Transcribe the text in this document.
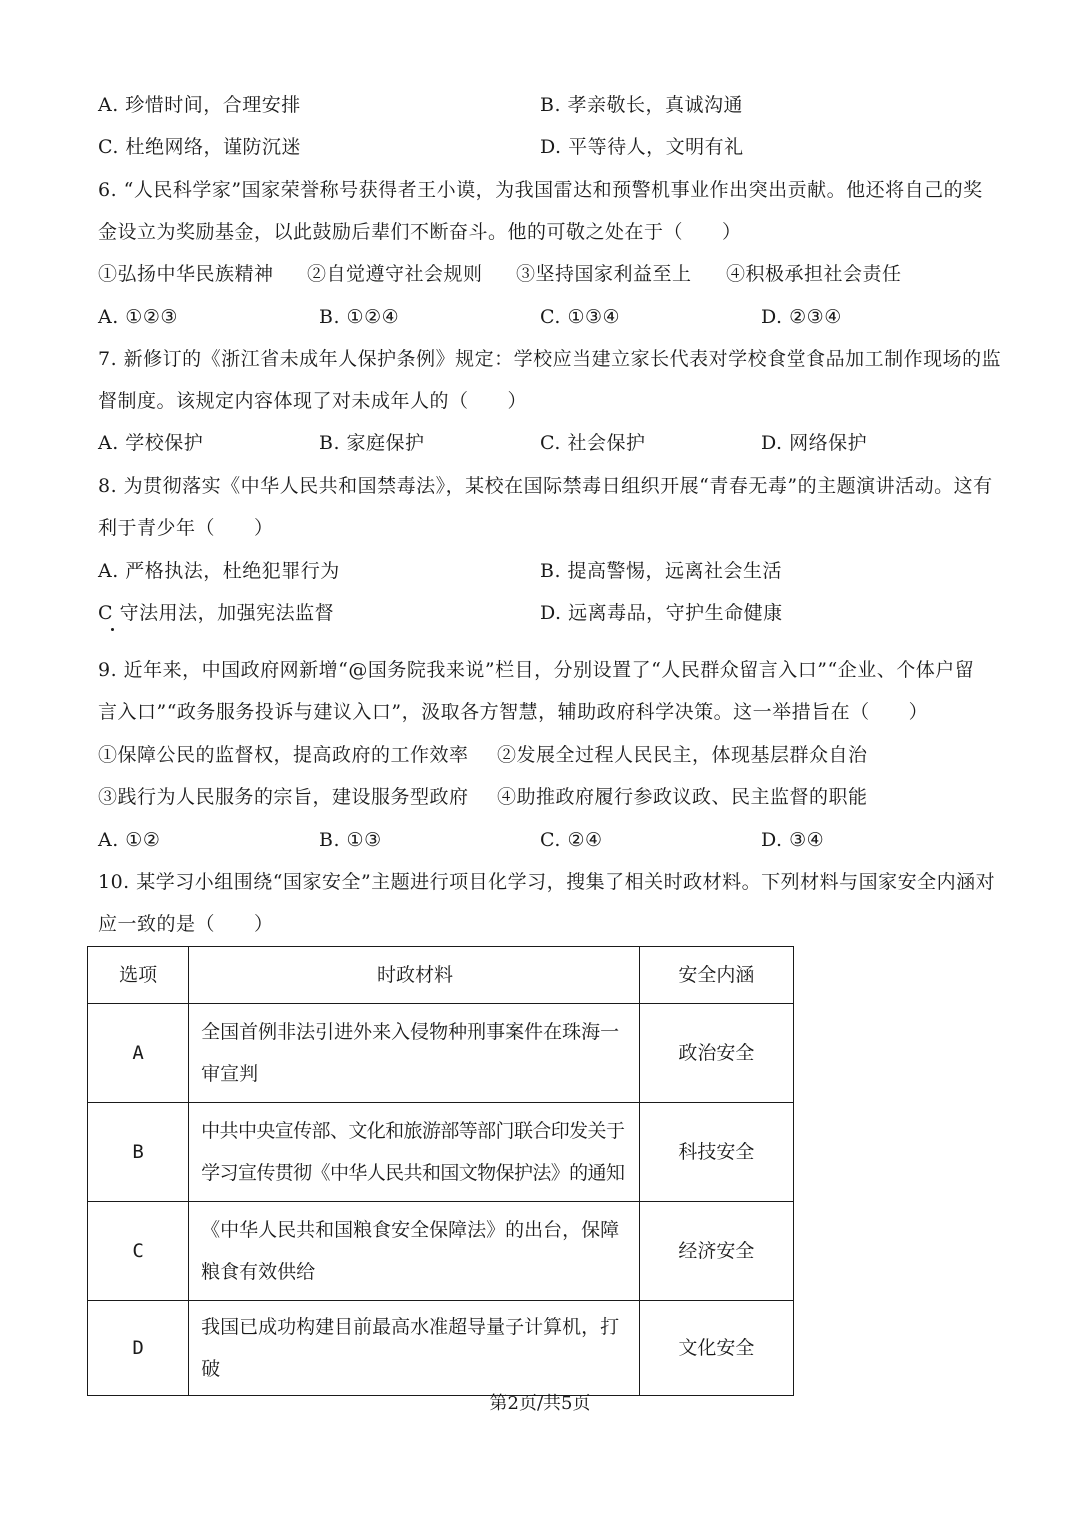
A. 珍惜时间，合理安排	B. 孝亲敬长，真诚沟通
C. 杜绝网络，谨防沉迷	D. 平等待人，文明有礼
6. “人民科学家”国家荣誉称号获得者王小谟，为我国雷达和预警机事业作出突出贡献。他还将自己的奖
金设立为奖励基金，以此鼓励后辈们不断奋斗。他的可敬之处在于（　　）
①弘扬中华民族精神 ②自觉遵守社会规则 ③坚持国家利益至上 ④积极承担社会责任
A. ①②③	B. ①②④	C. ①③④	D. ②③④
7. 新修订的《浙江省未成年人保护条例》规定：学校应当建立家长代表对学校食堂食品加工制作现场的监
督制度。该规定内容体现了对未成年人的（　　）
A. 学校保护	B. 家庭保护	C. 社会保护	D. 网络保护
8. 为贯彻落实《中华人民共和国禁毒法》，某校在国际禁毒日组织开展“青春无毒”的主题演讲活动。这有
利于青少年（　　）
A. 严格执法，杜绝犯罪行为	B. 提高警惕，远离社会生活
C 守法用法，加强宪法监督	D. 远离毒品，守护生命健康
9. 近年来，中国政府网新增“@国务院我来说”栏目，分别设置了“人民群众留言入口”“企业、个体户留
言入口”“政务服务投诉与建议入口”，汲取各方智慧，辅助政府科学决策。这一举措旨在（　　）
①保障公民的监督权，提高政府的工作效率 ②发展全过程人民民主，体现基层群众自治
③践行为人民服务的宗旨，建设服务型政府 ④助推政府履行参政议政、民主监督的职能
A. ①②	B. ①③	C. ②④	D. ③④
10. 某学习小组围绕“国家安全”主题进行项目化学习，搜集了相关时政材料。下列材料与国家安全内涵对
应一致的是（　　）
选项	时政材料	安全内涵
A	全国首例非法引进外来入侵物种刑事案件在珠海一审宣判	政治安全
B	中共中央宣传部、文化和旅游部等部门联合印发关于学习宣传贯彻《中华人民共和国文物保护法》的通知	科技安全
C	《中华人民共和国粮食安全保障法》的出台，保障粮食有效供给	经济安全
D	我国已成功构建目前最高水准超导量子计算机，打破	文化安全
第2页/共5页
